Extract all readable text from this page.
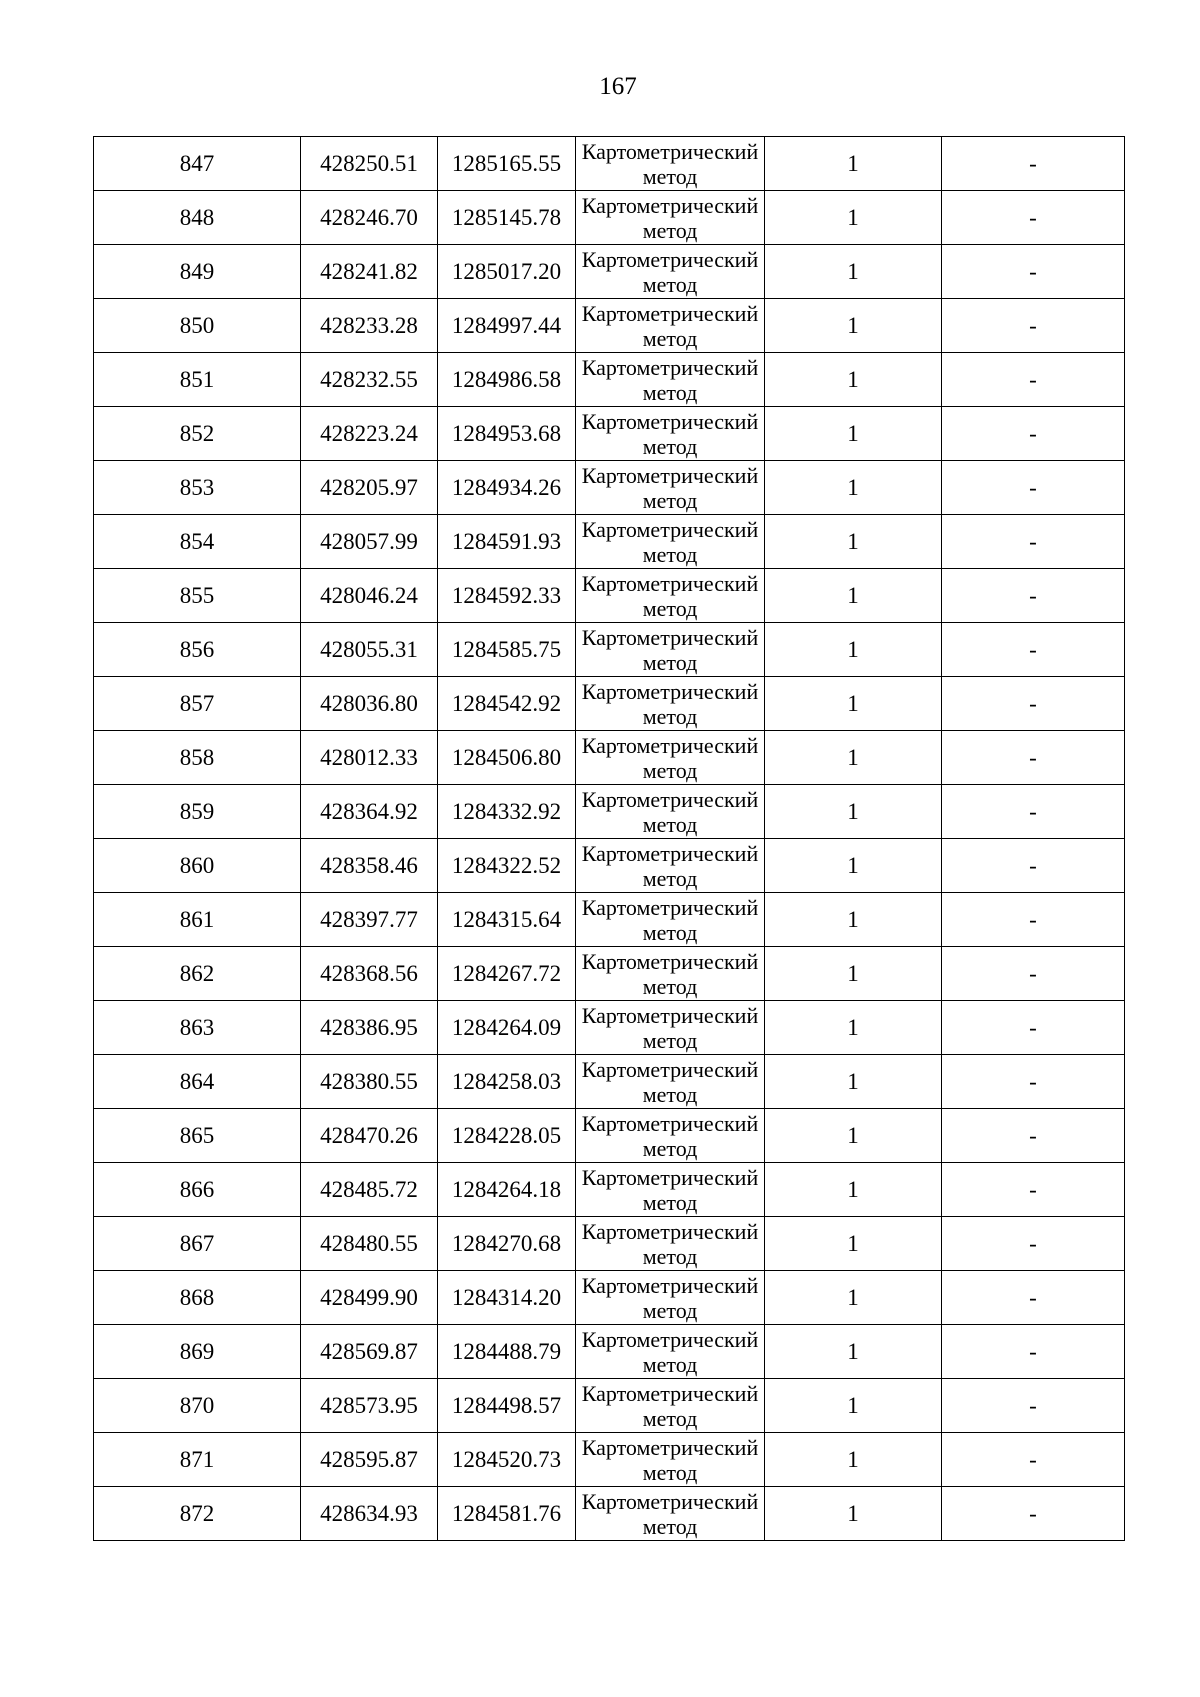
167
847	428250.51	1285165.55	Картометрический метод	1	-
848	428246.70	1285145.78	Картометрический метод	1	-
849	428241.82	1285017.20	Картометрический метод	1	-
850	428233.28	1284997.44	Картометрический метод	1	-
851	428232.55	1284986.58	Картометрический метод	1	-
852	428223.24	1284953.68	Картометрический метод	1	-
853	428205.97	1284934.26	Картометрический метод	1	-
854	428057.99	1284591.93	Картометрический метод	1	-
855	428046.24	1284592.33	Картометрический метод	1	-
856	428055.31	1284585.75	Картометрический метод	1	-
857	428036.80	1284542.92	Картометрический метод	1	-
858	428012.33	1284506.80	Картометрический метод	1	-
859	428364.92	1284332.92	Картометрический метод	1	-
860	428358.46	1284322.52	Картометрический метод	1	-
861	428397.77	1284315.64	Картометрический метод	1	-
862	428368.56	1284267.72	Картометрический метод	1	-
863	428386.95	1284264.09	Картометрический метод	1	-
864	428380.55	1284258.03	Картометрический метод	1	-
865	428470.26	1284228.05	Картометрический метод	1	-
866	428485.72	1284264.18	Картометрический метод	1	-
867	428480.55	1284270.68	Картометрический метод	1	-
868	428499.90	1284314.20	Картометрический метод	1	-
869	428569.87	1284488.79	Картометрический метод	1	-
870	428573.95	1284498.57	Картометрический метод	1	-
871	428595.87	1284520.73	Картометрический метод	1	-
872	428634.93	1284581.76	Картометрический метод	1	-
